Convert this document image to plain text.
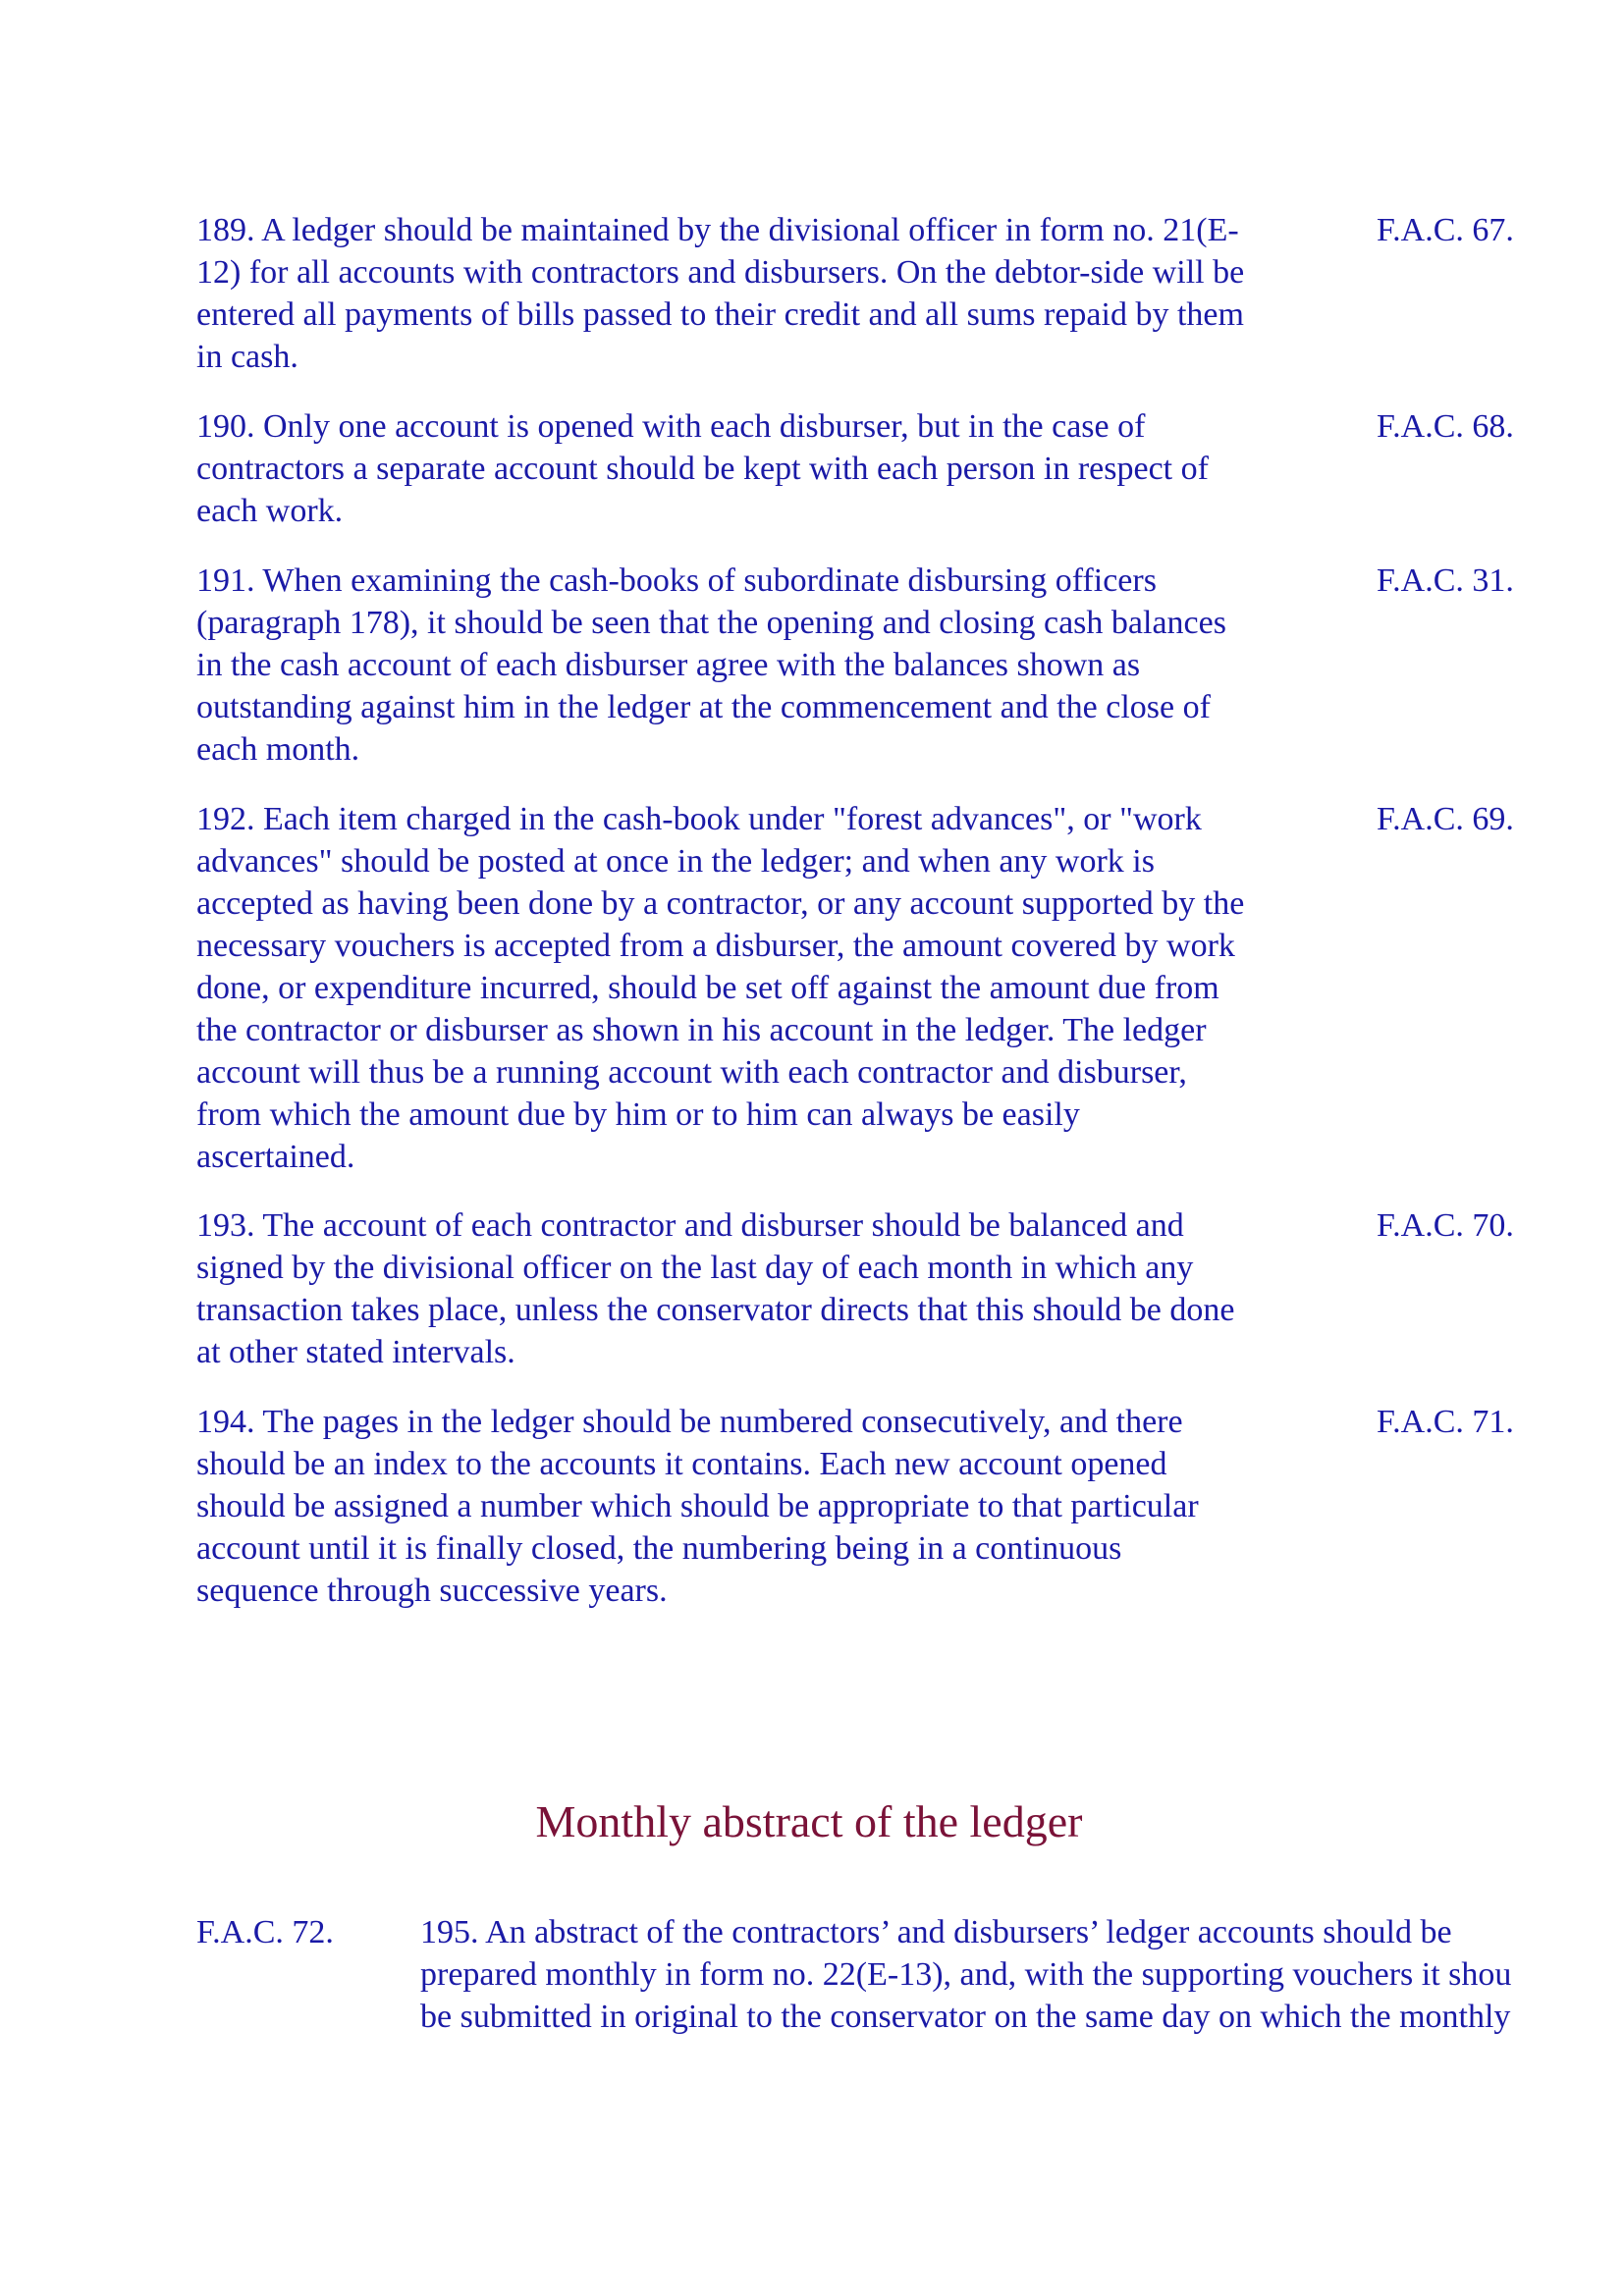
189. A ledger should be maintained by the divisional officer in form no. 21(E-
12) for all accounts with contractors and disbursers. On the debtor-side will be
entered all payments of bills passed to their credit and all sums repaid by them
in cash.

F.A.C. 67.

190. Only one account is opened with each disburser, but in the case of
contractors a separate account should be kept with each person in respect of
each work.

F.A.C. 68.

191. When examining the cash-books of subordinate disbursing officers
(paragraph 178), it should be seen that the opening and closing cash balances
in the cash account of each disburser agree with the balances shown as
outstanding against him in the ledger at the commencement and the close of
each month.

F.A.C. 31.

192. Each item charged in the cash-book under "forest advances", or "work
advances" should be posted at once in the ledger; and when any work is
accepted as having been done by a contractor, or any account supported by the
necessary vouchers is accepted from a disburser, the amount covered by work
done, or expenditure incurred, should be set off against the amount due from
the contractor or disburser as shown in his account in the ledger. The ledger
account will thus be a running account with each contractor and disburser,
from which the amount due by him or to him can always be easily
ascertained.

F.A.C. 69.

193. The account of each contractor and disburser should be balanced and
signed by the divisional officer on the last day of each month in which any
transaction takes place, unless the conservator directs that this should be done
at other stated intervals.

F.A.C. 70.

194. The pages in the ledger should be numbered consecutively, and there
should be an index to the accounts it contains. Each new account opened
should be assigned a number which should be appropriate to that particular
account until it is finally closed, the numbering being in a continuous
sequence through successive years.

F.A.C. 71.
Monthly abstract of the ledger
F.A.C. 72.	195. An abstract of the contractors’ and disbursers’ ledger accounts should be
prepared monthly in form no. 22(E-13), and, with the supporting vouchers it shou
be submitted in original to the conservator on the same day on which the monthly
